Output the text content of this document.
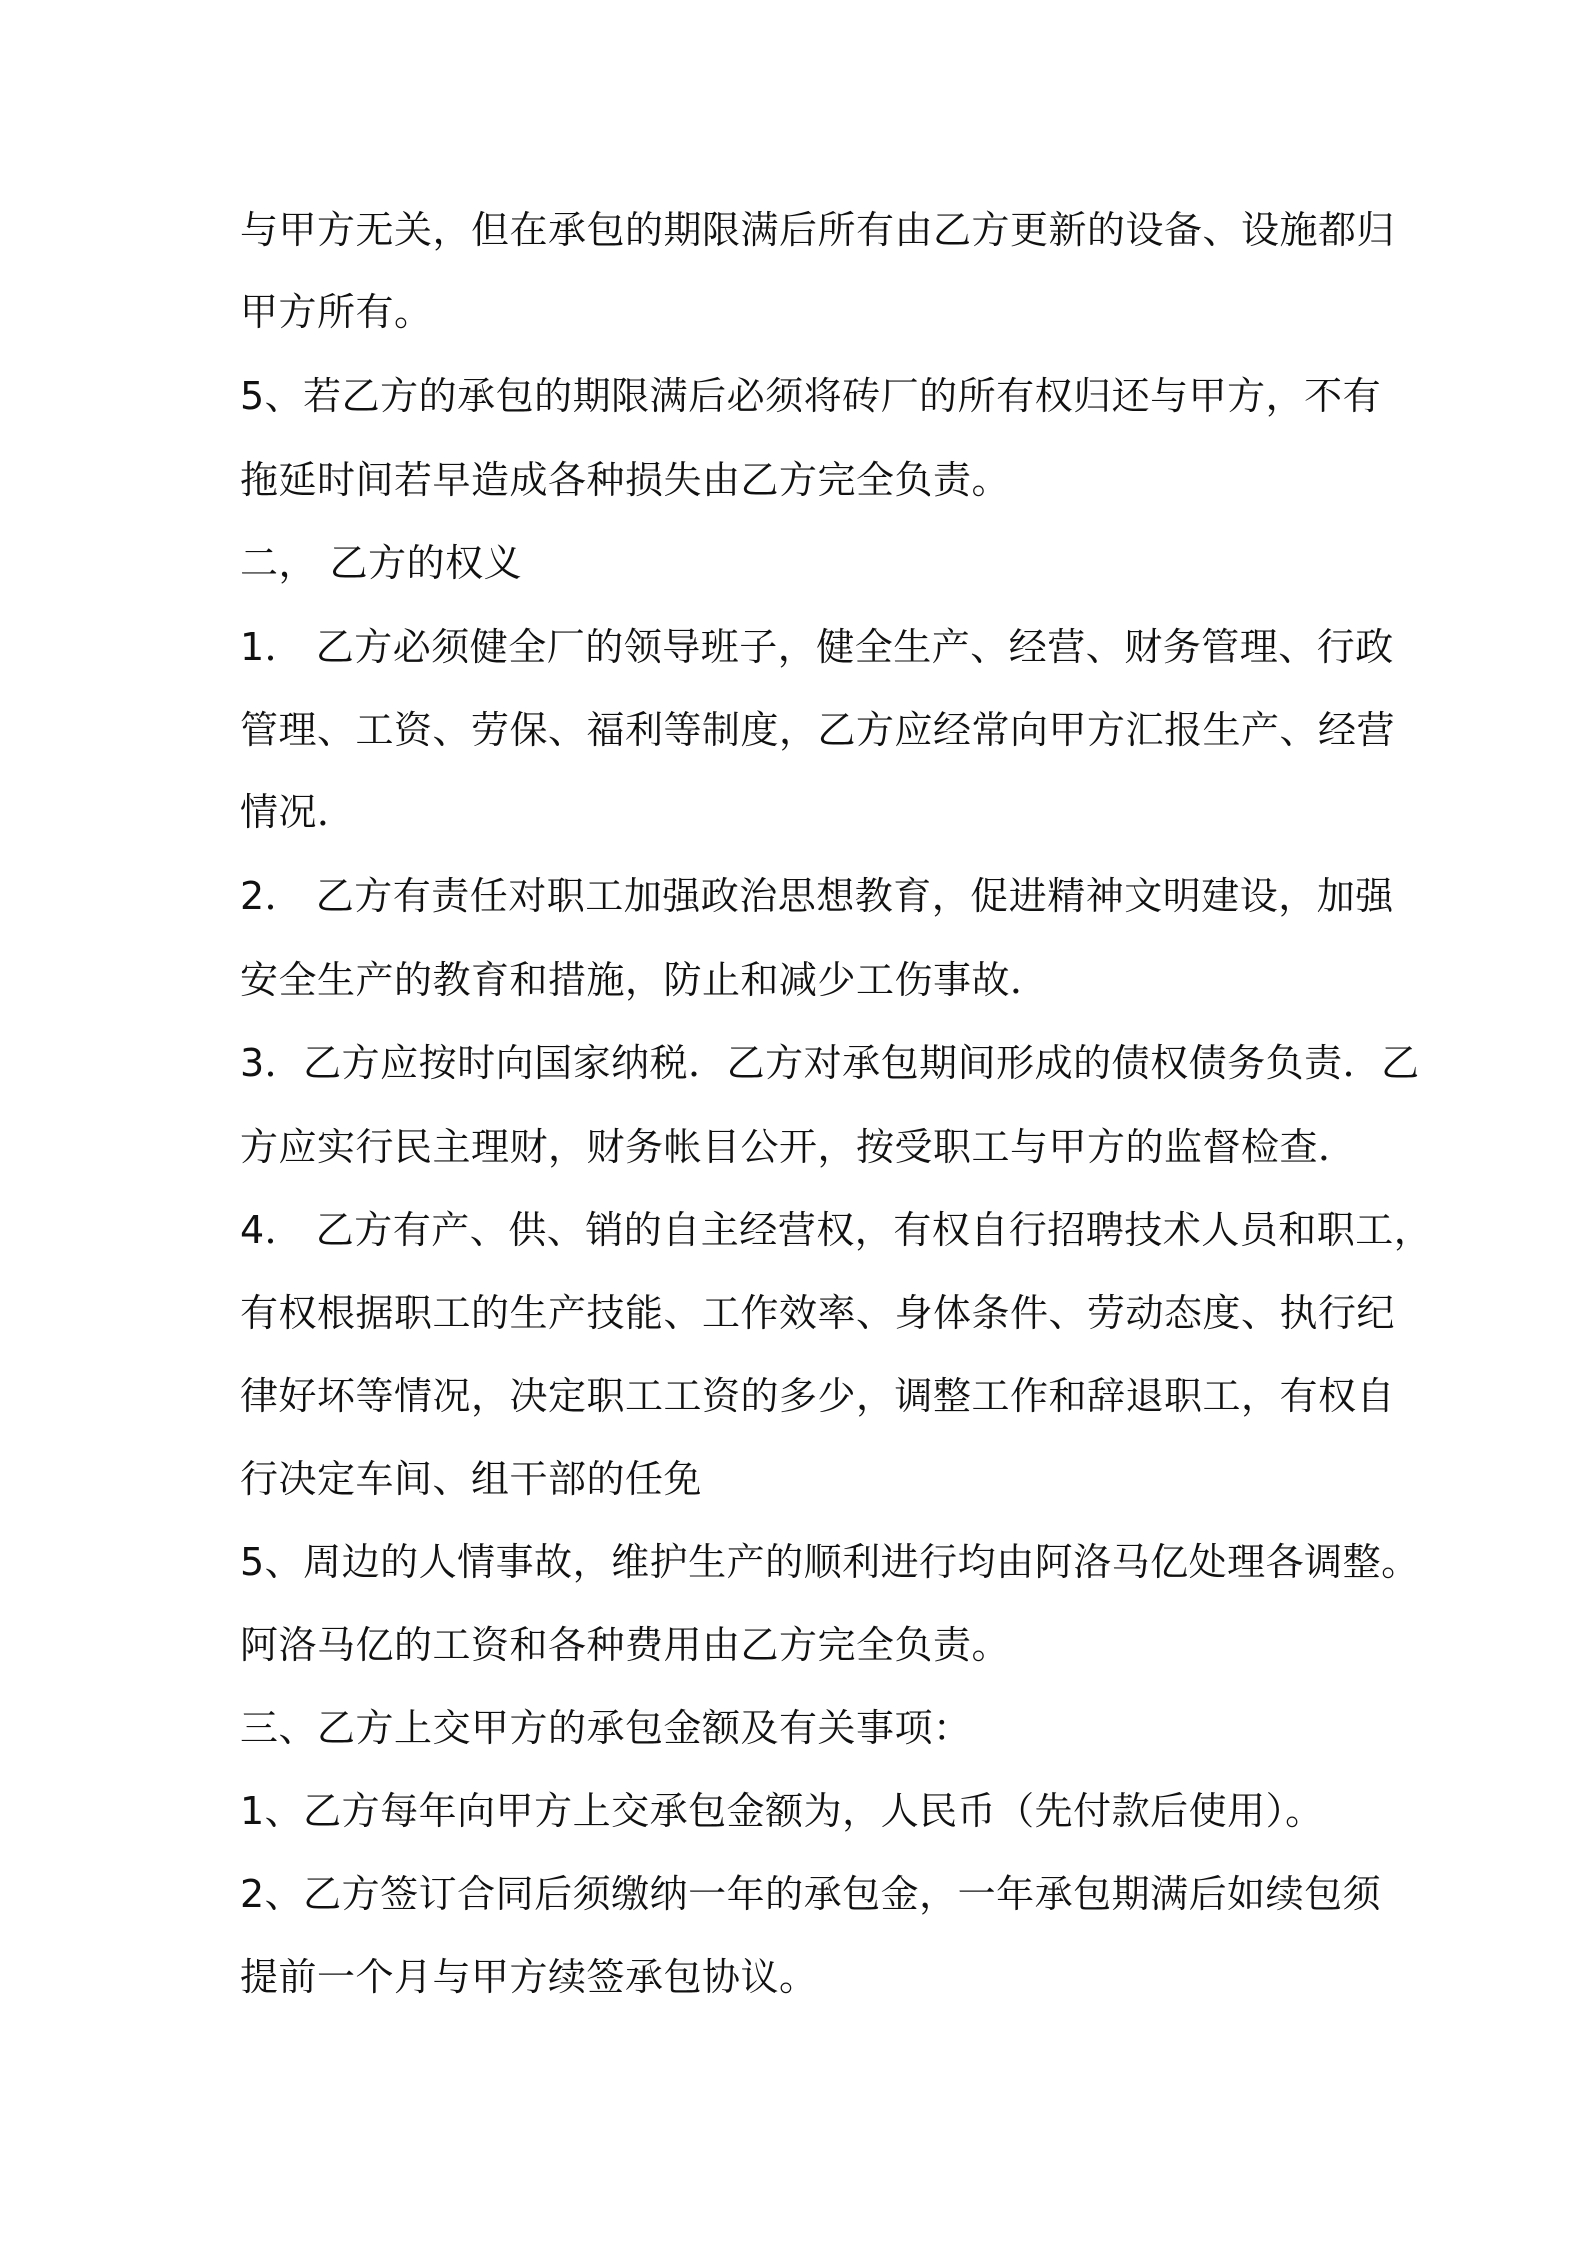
与甲方无关，但在承包的期限满后所有由乙方更新的设备、设施都归

甲方所有。

5、若乙方的承包的期限满后必须将砖厂的所有权归还与甲方，不有

拖延时间若早造成各种损失由乙方完全负责。

二， 乙方的权义

1． 乙方必须健全厂的领导班子，健全生产、经营、财务管理、行政

管理、工资、劳保、福利等制度，乙方应经常向甲方汇报生产、经营

情况．

2． 乙方有责任对职工加强政治思想教育，促进精神文明建设，加强

安全生产的教育和措施，防止和减少工伤事故．

3．乙方应按时向国家纳税．乙方对承包期间形成的债权债务负责．乙

方应实行民主理财，财务帐目公开，按受职工与甲方的监督检查．

4． 乙方有产、供、销的自主经营权，有权自行招聘技术人员和职工，

有权根据职工的生产技能、工作效率、身体条件、劳动态度、执行纪

律好坏等情况，决定职工工资的多少，调整工作和辞退职工，有权自

行决定车间、组干部的任免

5、周边的人情事故，维护生产的顺利进行均由阿洛马亿处理各调整。

阿洛马亿的工资和各种费用由乙方完全负责。

三、乙方上交甲方的承包金额及有关事项：

1、乙方每年向甲方上交承包金额为，人民币（先付款后使用）。

2、乙方签订合同后须缴纳一年的承包金，一年承包期满后如续包须

提前一个月与甲方续签承包协议。
